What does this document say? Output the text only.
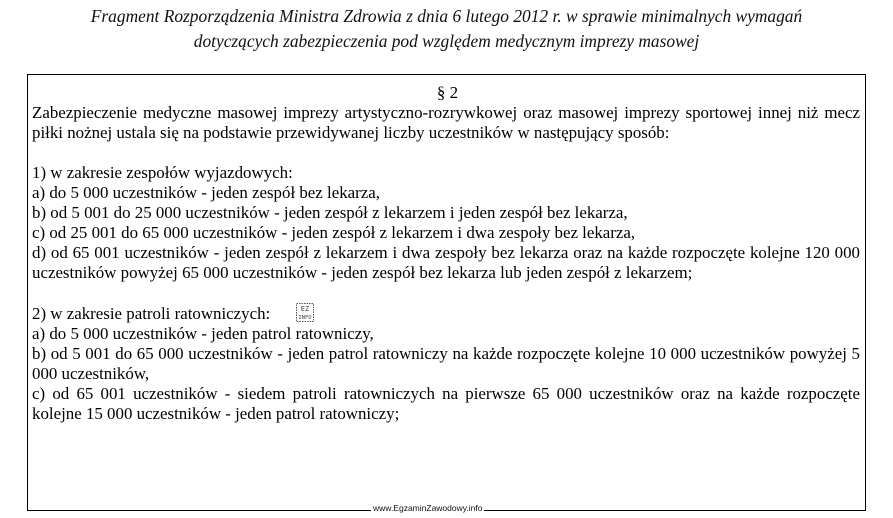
Fragment Rozporządzenia Ministra Zdrowia z dnia 6 lutego 2012 r. w sprawie minimalnych wymagań
dotyczących zabezpieczenia pod względem medycznym imprezy masowej
§ 2

Zabezpieczenie medyczne masowej imprezy artystyczno-rozrywkowej oraz masowej imprezy sportowej innej niż mecz piłki nożnej ustala się na podstawie przewidywanej liczby uczestników w następujący sposób:

1) w zakresie zespołów wyjazdowych:

a) do 5 000 uczestników - jeden zespół bez lekarza,

b) od 5 001 do 25 000 uczestników - jeden zespół z lekarzem i jeden zespół bez lekarza,

c) od 25 001 do 65 000 uczestników - jeden zespół z lekarzem i dwa zespoły bez lekarza,

d) od 65 001 uczestników - jeden zespół z lekarzem i dwa zespoły bez lekarza oraz na każde rozpoczęte kolejne 120 000 uczestników powyżej 65 000 uczestników - jeden zespół bez lekarza lub jeden zespół z lekarzem;

2) w zakresie patroli ratowniczych:	EZ
INFO

a) do 5 000 uczestników - jeden patrol ratowniczy,

b) od 5 001 do 65 000 uczestników - jeden patrol ratowniczy na każde rozpoczęte kolejne 10 000 uczestników powyżej 5 000 uczestników,

c) od 65 001 uczestników - siedem patroli ratowniczych na pierwsze 65 000 uczestników oraz na każde rozpoczęte kolejne 15 000 uczestników - jeden patrol ratowniczy;

www.EgzaminZawodowy.info
